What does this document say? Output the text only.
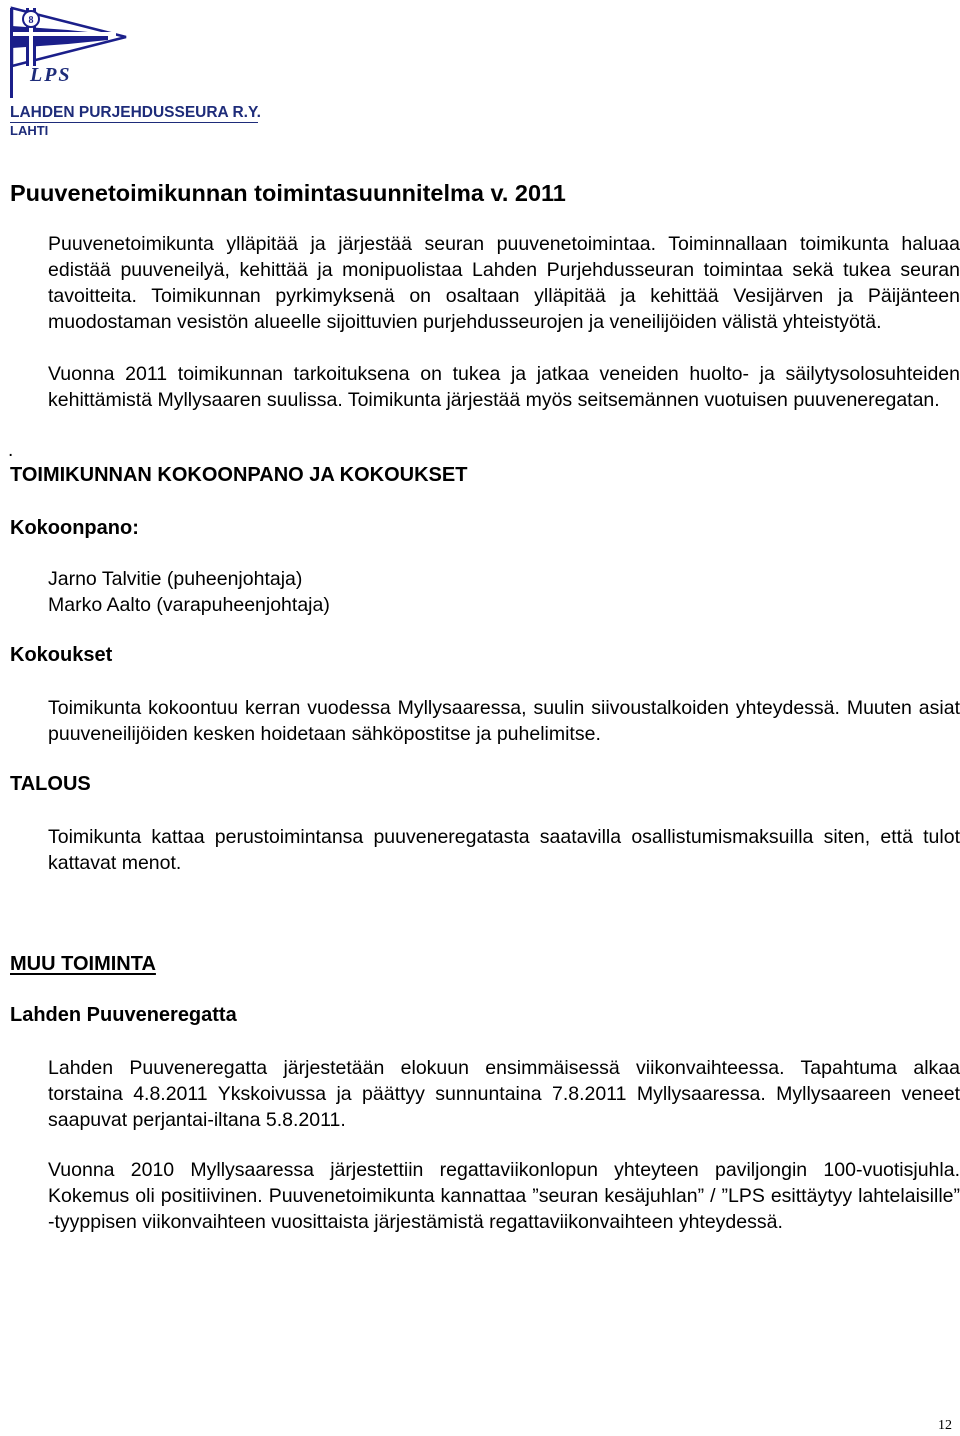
8
LPS
LAHDEN PURJEHDUSSEURA R.Y.
LAHTI
Puuvenetoimikunnan toimintasuunnitelma v. 2011
Puuvenetoimikunta ylläpitää ja järjestää seuran puuvenetoimintaa. Toiminnallaan toimikunta haluaa edistää puuveneilyä, kehittää ja monipuolistaa Lahden Purjehdusseuran toimintaa sekä tukea seuran tavoitteita. Toimikunnan pyrkimyksenä on osaltaan ylläpitää ja kehittää Vesijärven ja Päijänteen muodostaman vesistön alueelle sijoittuvien purjehdusseurojen ja veneilijöiden välistä yhteistyötä.
Vuonna 2011 toimikunnan tarkoituksena on tukea ja jatkaa veneiden huolto- ja säilytysolosuhteiden kehittämistä Myllysaaren suulissa. Toimikunta järjestää myös seitsemännen vuotuisen puuveneregatan.
.
TOIMIKUNNAN KOKOONPANO JA KOKOUKSET
Kokoonpano:
Jarno Talvitie (puheenjohtaja)
Marko Aalto (varapuheenjohtaja)
Kokoukset
Toimikunta kokoontuu kerran vuodessa Myllysaaressa, suulin siivoustalkoiden yhteydessä. Muuten asiat puuveneilijöiden kesken hoidetaan sähköpostitse ja puhelimitse.
TALOUS
Toimikunta kattaa perustoimintansa puuveneregatasta saatavilla osallistumismaksuilla siten, että tulot kattavat menot.
MUU TOIMINTA
Lahden Puuveneregatta
Lahden Puuveneregatta järjestetään elokuun ensimmäisessä viikonvaihteessa. Tapahtuma alkaa torstaina 4.8.2011 Ykskoivussa ja päättyy sunnuntaina 7.8.2011 Myllysaaressa. Myllysaareen veneet saapuvat perjantai-iltana 5.8.2011.
Vuonna 2010 Myllysaaressa järjestettiin regattaviikonlopun yhteyteen paviljongin 100-vuotisjuhla. Kokemus oli positiivinen. Puuvenetoimikunta kannattaa ”seuran kesäjuhlan” / ”LPS esittäytyy lahtelaisille” -tyyppisen viikonvaihteen vuosittaista järjestämistä regattaviikonvaihteen yhteydessä.
12
